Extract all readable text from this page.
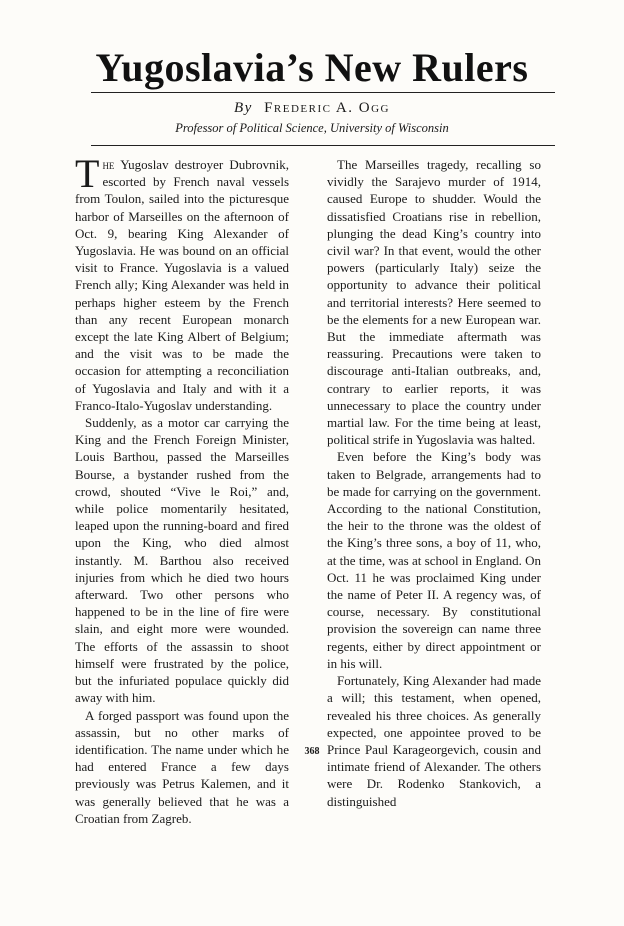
Yugoslavia’s New Rulers
By Frederic A. Ogg
Professor of Political Science, University of Wisconsin

The Yugoslav destroyer Dubrovnik, escorted by French naval vessels from Toulon, sailed into the picturesque harbor of Marseilles on the afternoon of Oct. 9, bearing King Alexander of Yugoslavia. He was bound on an official visit to France. Yugoslavia is a valued French ally; King Alexander was held in perhaps higher esteem by the French than any recent European monarch except the late King Albert of Belgium; and the visit was to be made the occasion for attempting a reconciliation of Yugoslavia and Italy and with it a Franco-Italo-Yugoslav understanding.

Suddenly, as a motor car carrying the King and the French Foreign Minister, Louis Barthou, passed the Marseilles Bourse, a bystander rushed from the crowd, shouted “Vive le Roi,” and, while police momentarily hesitated, leaped upon the running-board and fired upon the King, who died almost instantly. M. Barthou also received injuries from which he died two hours afterward. Two other persons who happened to be in the line of fire were slain, and eight more were wounded. The efforts of the assassin to shoot himself were frustrated by the police, but the infuriated populace quickly did away with him.

A forged passport was found upon the assassin, but no other marks of identification. The name under which he had entered France a few days previously was Petrus Kalemen, and it was generally believed that he was a Croatian from Zagreb.

The Marseilles tragedy, recalling so vividly the Sarajevo murder of 1914, caused Europe to shudder. Would the dissatisfied Croatians rise in rebellion, plunging the dead King’s country into civil war? In that event, would the other powers (particularly Italy) seize the opportunity to advance their political and territorial interests? Here seemed to be the elements for a new European war. But the immediate aftermath was reassuring. Precautions were taken to discourage anti-Italian outbreaks, and, contrary to earlier reports, it was unnecessary to place the country under martial law. For the time being at least, political strife in Yugoslavia was halted.

Even before the King’s body was taken to Belgrade, arrangements had to be made for carrying on the government. According to the national Constitution, the heir to the throne was the oldest of the King’s three sons, a boy of 11, who, at the time, was at school in England. On Oct. 11 he was proclaimed King under the name of Peter II. A regency was, of course, necessary. By constitutional provision the sovereign can name three regents, either by direct appointment or in his will.

Fortunately, King Alexander had made a will; this testament, when opened, revealed his three choices. As generally expected, one appointee proved to be Prince Paul Karageorgevich, cousin and intimate friend of Alexander. The others were Dr. Rodenko Stankovich, a distinguished

368
